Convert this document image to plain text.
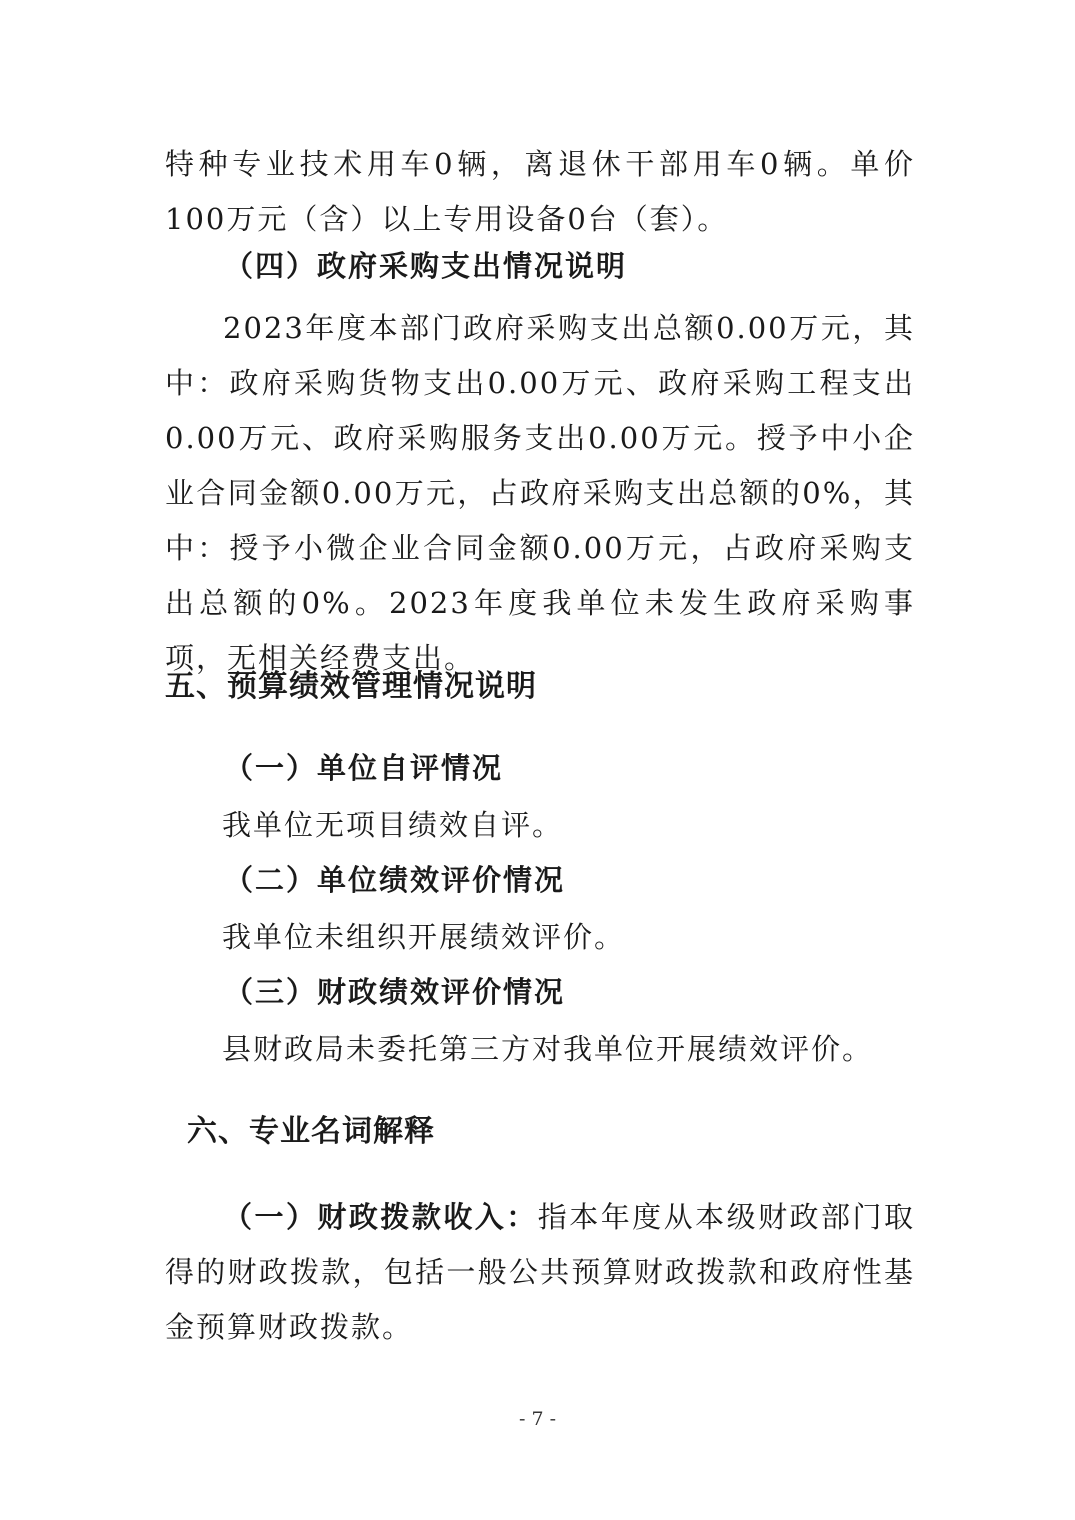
特种专业技术用车0辆，离退休干部用车0辆。单价100万元（含）以上专用设备0台（套）。

（四）政府采购支出情况说明

2023年度本部门政府采购支出总额0.00万元，其中：政府采购货物支出0.00万元、政府采购工程支出0.00万元、政府采购服务支出0.00万元。授予中小企业合同金额0.00万元，占政府采购支出总额的0%，其中：授予小微企业合同金额0.00万元，占政府采购支出总额的0%。2023年度我单位未发生政府采购事项，无相关经费支出。

五、预算绩效管理情况说明
（一）单位自评情况
我单位无项目绩效自评。
（二）单位绩效评价情况
我单位未组织开展绩效评价。
（三）财政绩效评价情况
县财政局未委托第三方对我单位开展绩效评价。
六、专业名词解释

（一）财政拨款收入：指本年度从本级财政部门取得的财政拨款，包括一般公共预算财政拨款和政府性基金预算财政拨款。

- 7 -
